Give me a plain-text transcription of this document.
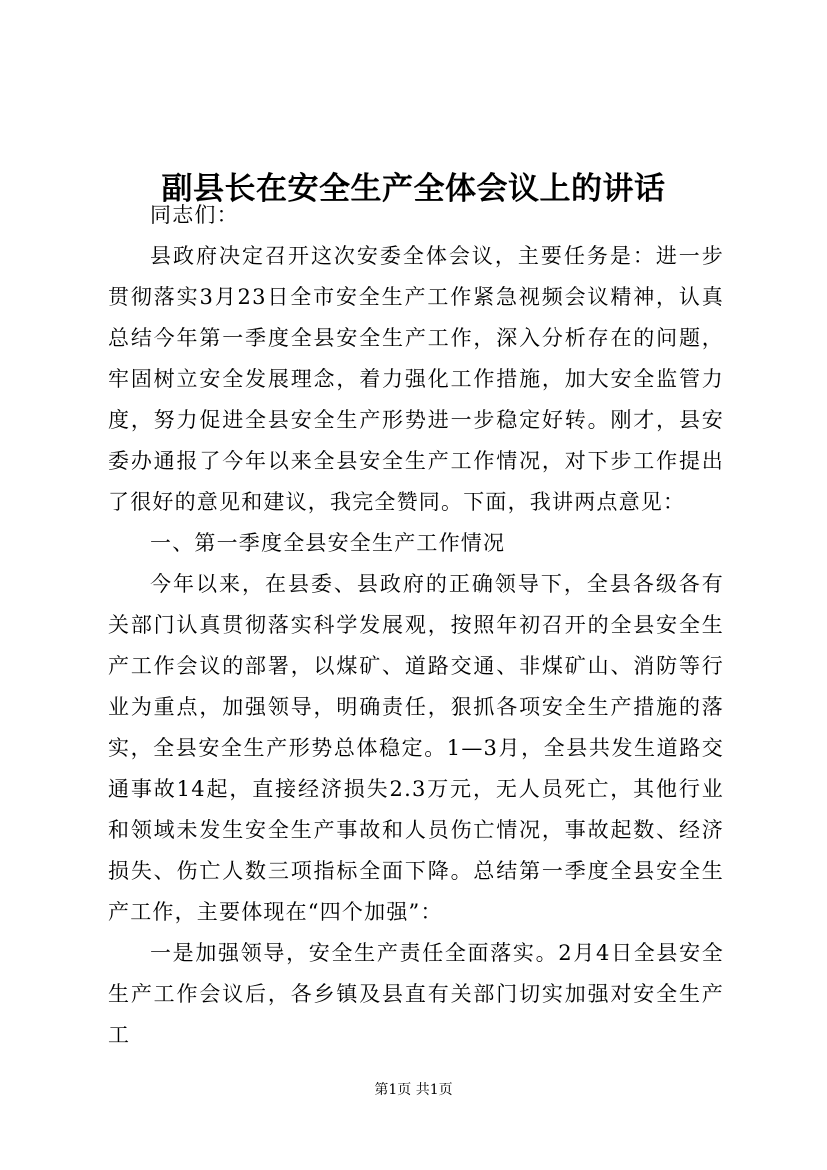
副县长在安全生产全体会议上的讲话

同志们：

县政府决定召开这次安委全体会议，主要任务是：进一步贯彻落实3月23日全市安全生产工作紧急视频会议精神，认真总结今年第一季度全县安全生产工作，深入分析存在的问题，牢固树立安全发展理念，着力强化工作措施，加大安全监管力度，努力促进全县安全生产形势进一步稳定好转。刚才，县安委办通报了今年以来全县安全生产工作情况，对下步工作提出了很好的意见和建议，我完全赞同。下面，我讲两点意见：

一、第一季度全县安全生产工作情况

今年以来，在县委、县政府的正确领导下，全县各级各有关部门认真贯彻落实科学发展观，按照年初召开的全县安全生产工作会议的部署，以煤矿、道路交通、非煤矿山、消防等行业为重点，加强领导，明确责任，狠抓各项安全生产措施的落实，全县安全生产形势总体稳定。1—3月，全县共发生道路交通事故14起，直接经济损失2.3万元，无人员死亡，其他行业和领域未发生安全生产事故和人员伤亡情况，事故起数、经济损失、伤亡人数三项指标全面下降。总结第一季度全县安全生产工作，主要体现在“四个加强”：

一是加强领导，安全生产责任全面落实。2月4日全县安全生产工作会议后，各乡镇及县直有关部门切实加强对安全生产工

第1页 共1页
